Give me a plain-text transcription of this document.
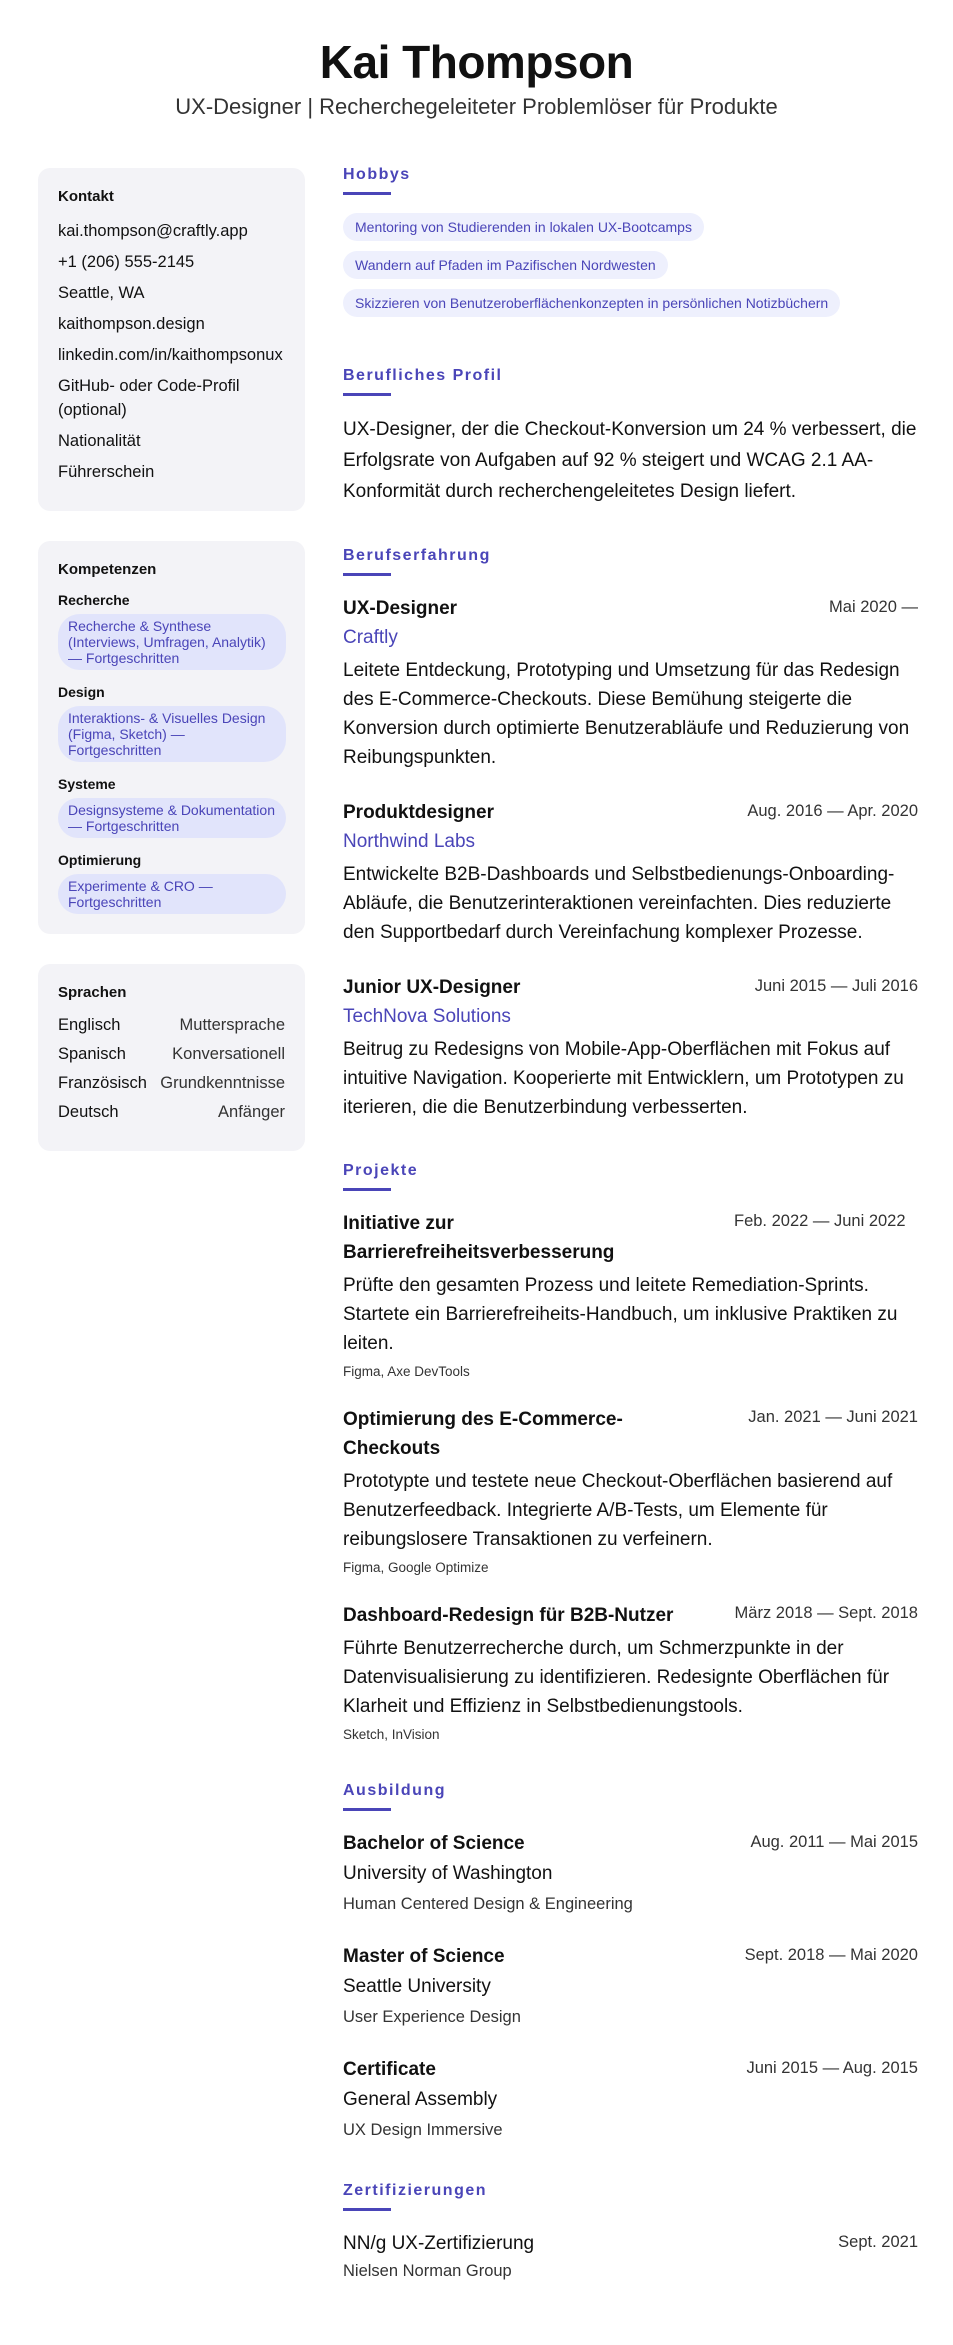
Kai Thompson
UX-Designer | Recherchegeleiteter Problemlöser für Produkte
Kontakt
kai.thompson@craftly.app
+1 (206) 555-2145
Seattle, WA
kaithompson.design
linkedin.com/in/kaithompsonux
GitHub- oder Code-Profil (optional)
Nationalität
Führerschein
Kompetenzen
Recherche
Recherche & Synthese (Interviews, Umfragen, Analytik) — Fortgeschritten
Design
Interaktions- & Visuelles Design (Figma, Sketch) — Fortgeschritten
Systeme
Designsysteme & Dokumentation — Fortgeschritten
Optimierung
Experimente & CRO — Fortgeschritten
Sprachen
Englisch	Muttersprache
Spanisch	Konversationell
Französisch Grundkenntnisse
Deutsch	Anfänger
Hobbys
Mentoring von Studierenden in lokalen UX-Bootcamps
Wandern auf Pfaden im Pazifischen Nordwesten
Skizzieren von Benutzeroberflächenkonzepten in persönlichen Notizbüchern
Berufliches Profil
UX-Designer, der die Checkout-Konversion um 24 % verbessert, die Erfolgsrate von Aufgaben auf 92 % steigert und WCAG 2.1 AA-Konformität durch recherchengeleitetes Design liefert.
Berufserfahrung
UX-Designer	Mai 2020 —
Craftly
Leitete Entdeckung, Prototyping und Umsetzung für das Redesign des E-Commerce-Checkouts. Diese Bemühung steigerte die Konversion durch optimierte Benutzerabläufe und Reduzierung von Reibungspunkten.
Produktdesigner	Aug. 2016 — Apr. 2020
Northwind Labs
Entwickelte B2B-Dashboards und Selbstbedienungs-Onboarding-Abläufe, die Benutzerinteraktionen vereinfachten. Dies reduzierte den Supportbedarf durch Vereinfachung komplexer Prozesse.
Junior UX-Designer	Juni 2015 — Juli 2016
TechNova Solutions
Beitrug zu Redesigns von Mobile-App-Oberflächen mit Fokus auf intuitive Navigation. Kooperierte mit Entwicklern, um Prototypen zu iterieren, die die Benutzerbindung verbesserten.
Projekte
Initiative zur Barrierefreiheitsverbesserung
Feb. 2022 — Juni 2022
Prüfte den gesamten Prozess und leitete Remediation-Sprints. Startete ein Barrierefreiheits-Handbuch, um inklusive Praktiken zu leiten.
Figma, Axe DevTools
Optimierung des E-Commerce-Checkouts
Jan. 2021 — Juni 2021
Prototypte und testete neue Checkout-Oberflächen basierend auf Benutzerfeedback. Integrierte A/B-Tests, um Elemente für reibungslosere Transaktionen zu verfeinern.
Figma, Google Optimize
Dashboard-Redesign für B2B-Nutzer	März 2018 — Sept. 2018
Führte Benutzerrecherche durch, um Schmerzpunkte in der Datenvisualisierung zu identifizieren. Redesignte Oberflächen für Klarheit und Effizienz in Selbstbedienungstools.
Sketch, InVision
Ausbildung
Bachelor of Science	Aug. 2011 — Mai 2015
University of Washington
Human Centered Design & Engineering
Master of Science	Sept. 2018 — Mai 2020
Seattle University
User Experience Design
Certificate	Juni 2015 — Aug. 2015
General Assembly
UX Design Immersive
Zertifizierungen
NN/g UX-Zertifizierung	Sept. 2021
Nielsen Norman Group
